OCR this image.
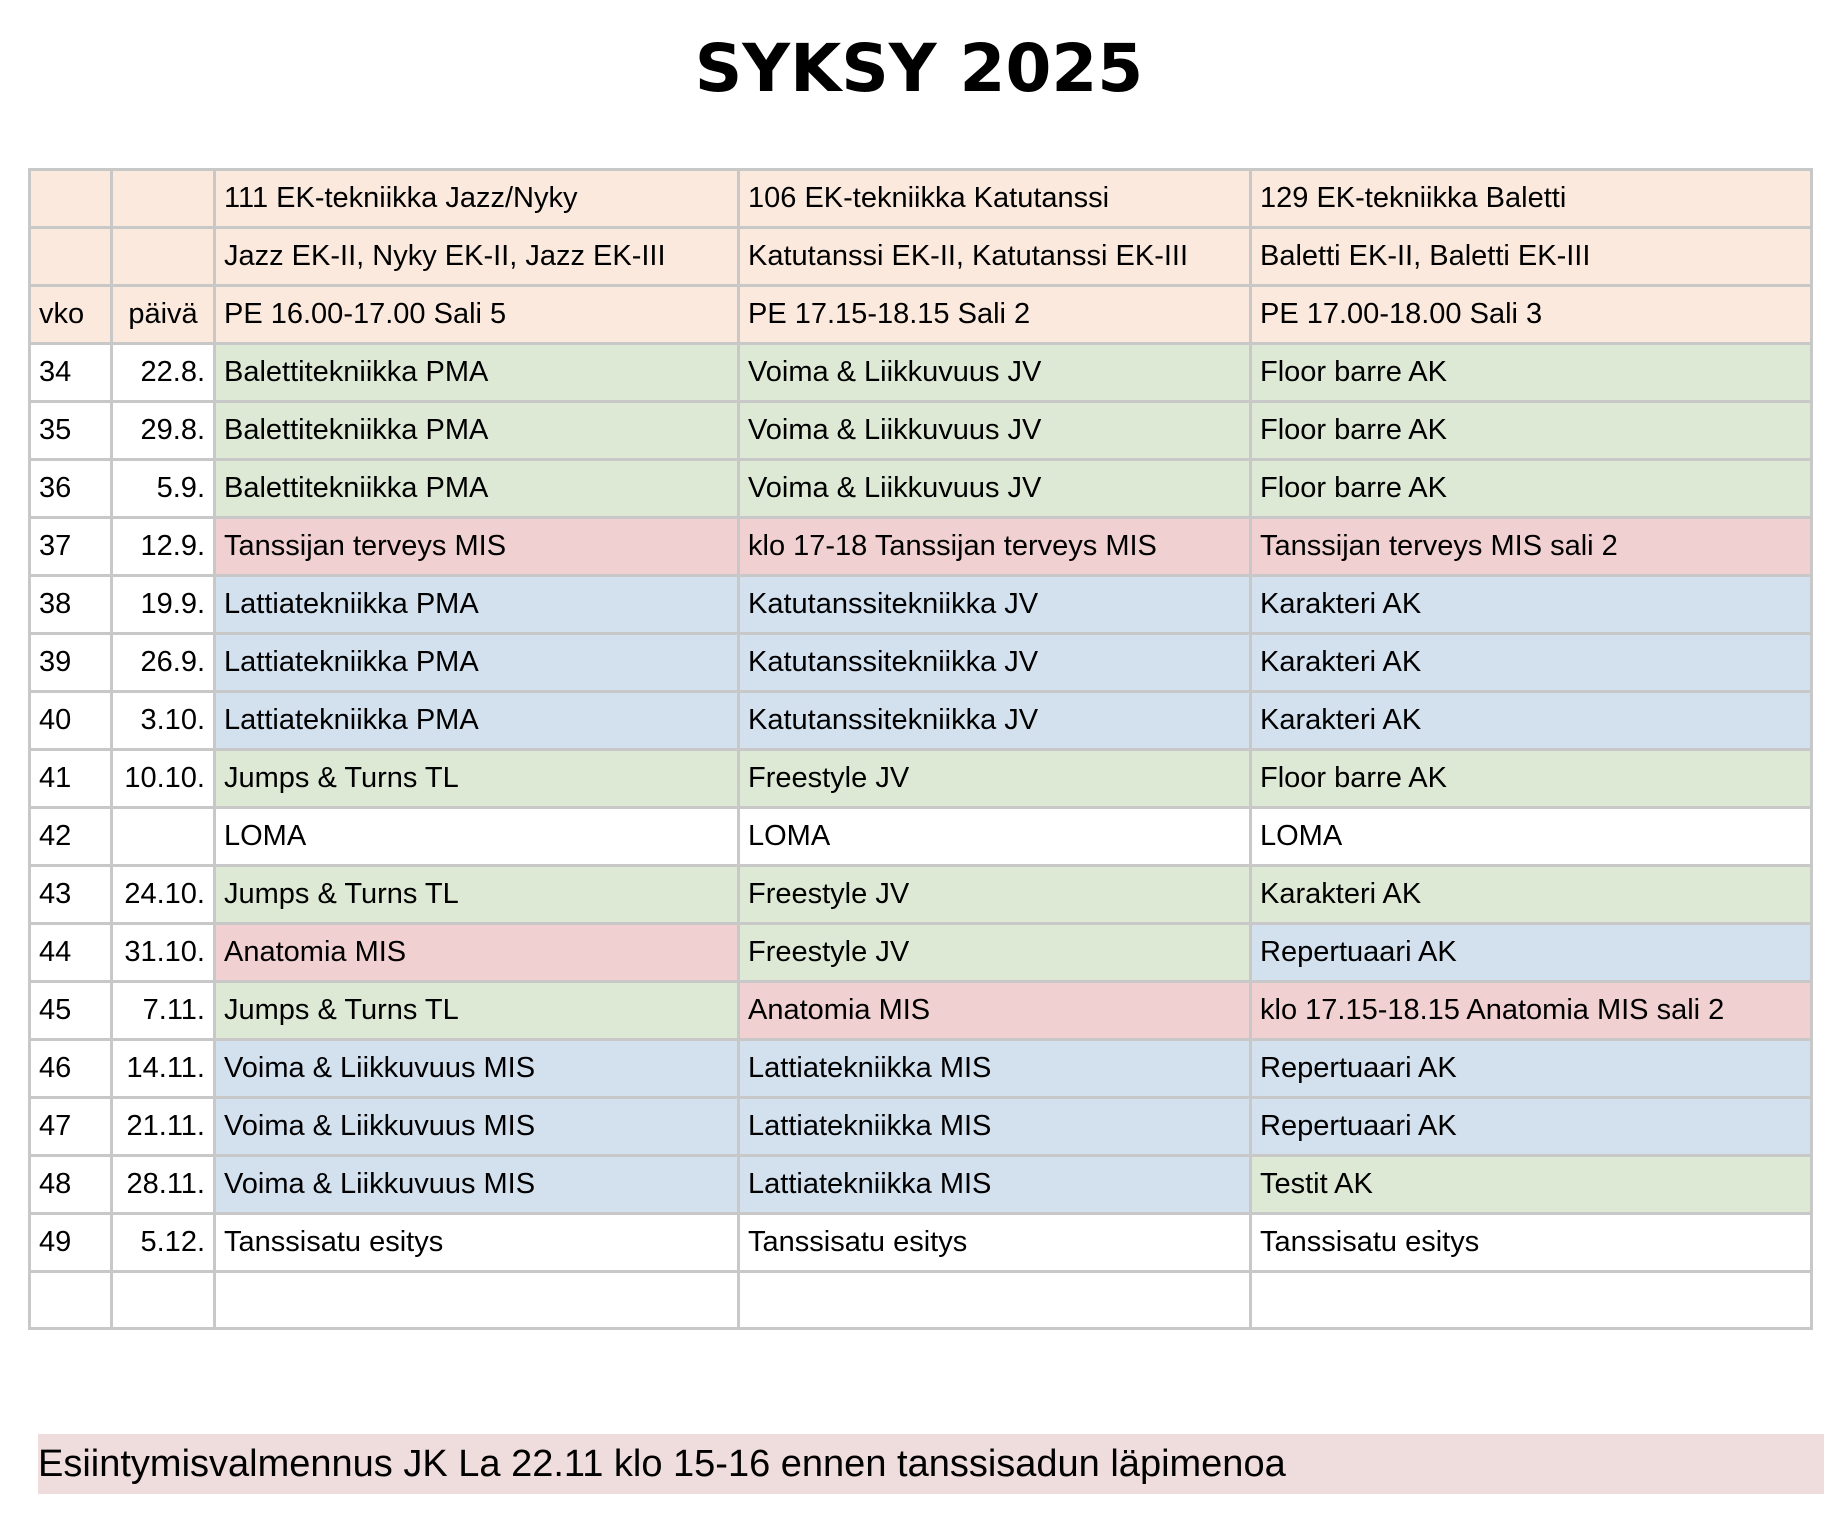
SYKSY 2025
		111 EK-tekniikka Jazz/Nyky	106 EK-tekniikka Katutanssi	129 EK-tekniikka Baletti
		Jazz EK-II, Nyky EK-II, Jazz EK-III	Katutanssi EK-II, Katutanssi EK-III	Baletti EK-II, Baletti EK-III
vko	päivä	PE 16.00-17.00 Sali 5	PE 17.15-18.15 Sali 2	PE 17.00-18.00 Sali 3
34	22.8.	Balettitekniikka PMA	Voima & Liikkuvuus JV	Floor barre AK
35	29.8.	Balettitekniikka PMA	Voima & Liikkuvuus JV	Floor barre AK
36	5.9.	Balettitekniikka PMA	Voima & Liikkuvuus JV	Floor barre AK
37	12.9.	Tanssijan terveys MIS	klo 17-18 Tanssijan terveys MIS	Tanssijan terveys MIS sali 2
38	19.9.	Lattiatekniikka PMA	Katutanssitekniikka JV	Karakteri AK
39	26.9.	Lattiatekniikka PMA	Katutanssitekniikka JV	Karakteri AK
40	3.10.	Lattiatekniikka PMA	Katutanssitekniikka JV	Karakteri AK
41	10.10.	Jumps & Turns TL	Freestyle JV	Floor barre AK
42		LOMA	LOMA	LOMA
43	24.10.	Jumps & Turns TL	Freestyle JV	Karakteri AK
44	31.10.	Anatomia MIS	Freestyle JV	Repertuaari AK
45	7.11.	Jumps & Turns TL	Anatomia MIS	klo 17.15-18.15 Anatomia MIS sali 2
46	14.11.	Voima & Liikkuvuus MIS	Lattiatekniikka MIS	Repertuaari AK
47	21.11.	Voima & Liikkuvuus MIS	Lattiatekniikka MIS	Repertuaari AK
48	28.11.	Voima & Liikkuvuus MIS	Lattiatekniikka MIS	Testit AK
49	5.12.	Tanssisatu esitys	Tanssisatu esitys	Tanssisatu esitys

Esiintymisvalmennus JK La 22.11 klo 15-16 ennen tanssisadun läpimenoa
